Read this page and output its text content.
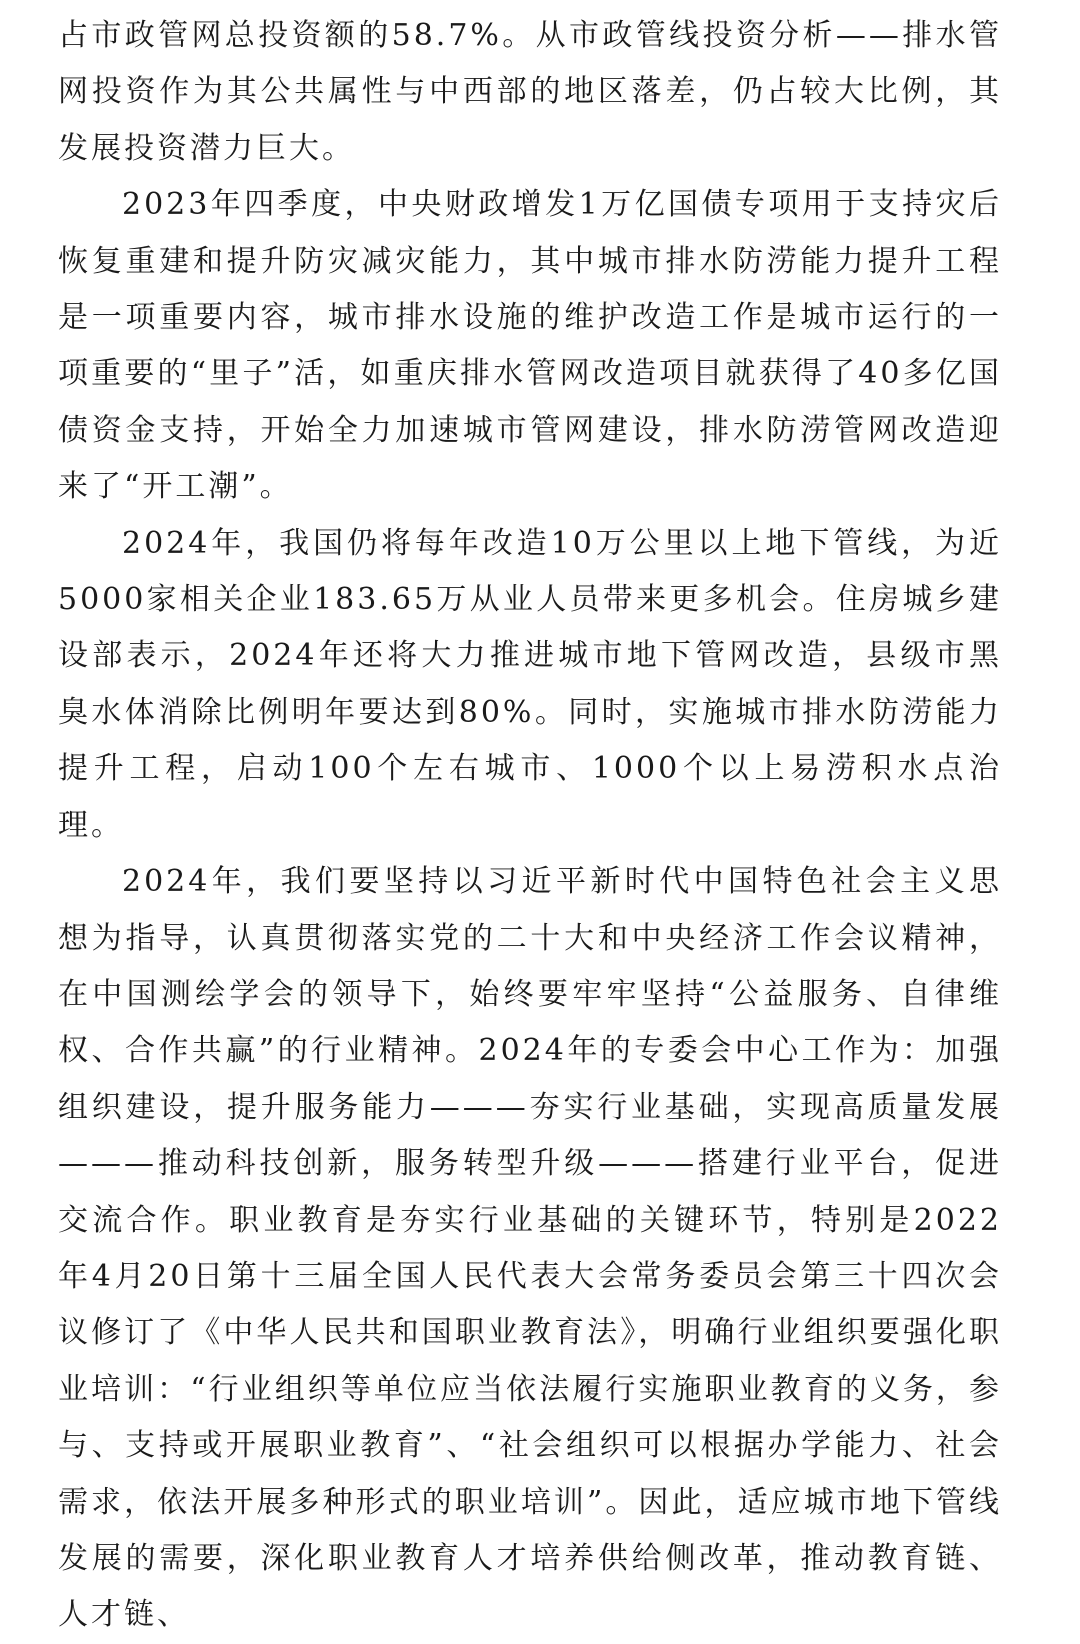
占市政管网总投资额的58.7%。从市政管线投资分析——排水管网投资作为其公共属性与中西部的地区落差，仍占较大比例，其发展投资潜力巨大。

2023年四季度，中央财政增发1万亿国债专项用于支持灾后恢复重建和提升防灾减灾能力，其中城市排水防涝能力提升工程是一项重要内容，城市排水设施的维护改造工作是城市运行的一项重要的“里子”活，如重庆排水管网改造项目就获得了40多亿国债资金支持，开始全力加速城市管网建设，排水防涝管网改造迎来了“开工潮”。

2024年，我国仍将每年改造10万公里以上地下管线，为近5000家相关企业183.65万从业人员带来更多机会。住房城乡建设部表示，2024年还将大力推进城市地下管网改造，县级市黑臭水体消除比例明年要达到80%。同时，实施城市排水防涝能力提升工程，启动100个左右城市、1000个以上易涝积水点治理。

2024年，我们要坚持以习近平新时代中国特色社会主义思想为指导，认真贯彻落实党的二十大和中央经济工作会议精神，在中国测绘学会的领导下，始终要牢牢坚持“公益服务、自律维权、合作共赢”的行业精神。2024年的专委会中心工作为：加强组织建设，提升服务能力———夯实行业基础，实现高质量发展———推动科技创新，服务转型升级———搭建行业平台，促进交流合作。职业教育是夯实行业基础的关键环节，特别是2022年4月20日第十三届全国人民代表大会常务委员会第三十四次会议修订了《中华人民共和国职业教育法》，明确行业组织要强化职业培训：“行业组织等单位应当依法履行实施职业教育的义务，参与、支持或开展职业教育”、“社会组织可以根据办学能力、社会需求，依法开展多种形式的职业培训”。因此，适应城市地下管线发展的需要，深化职业教育人才培养供给侧改革，推动教育链、人才链、
